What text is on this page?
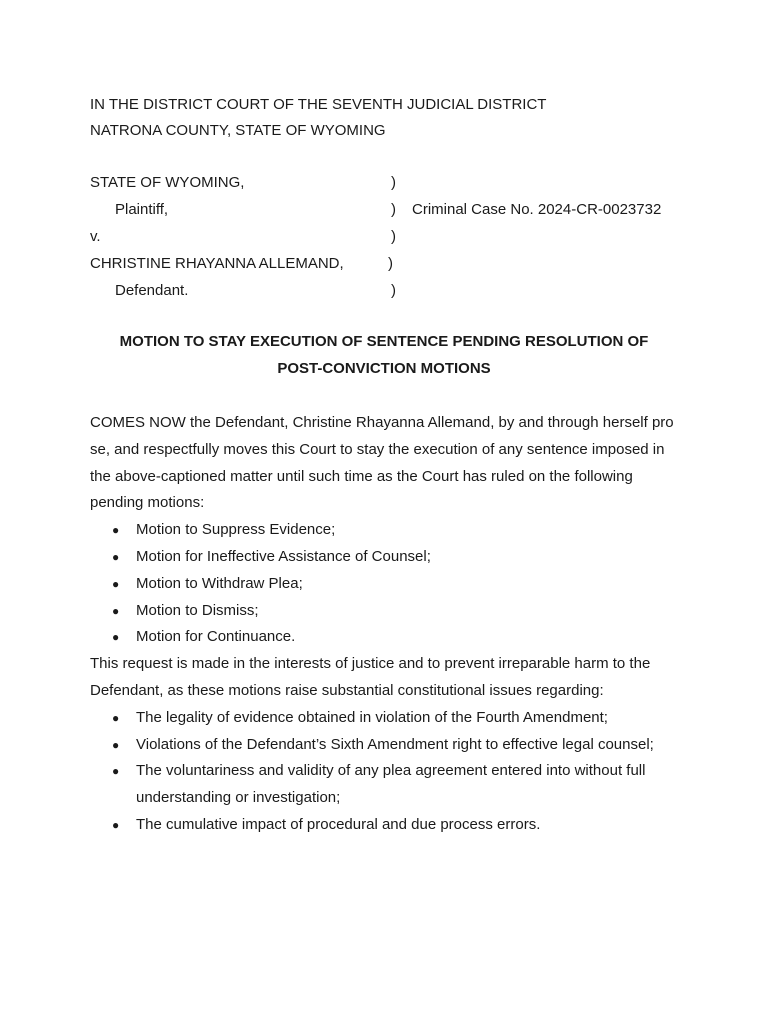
IN THE DISTRICT COURT OF THE SEVENTH JUDICIAL DISTRICT
NATRONA COUNTY, STATE OF WYOMING
STATE OF WYOMING,	)
Plaintiff,	) Criminal Case No. 2024-CR-0023732
v.	)
CHRISTINE RHAYANNA ALLEMAND,	)
Defendant.	)
MOTION TO STAY EXECUTION OF SENTENCE PENDING RESOLUTION OF
POST-CONVICTION MOTIONS

COMES NOW the Defendant, Christine Rhayanna Allemand, by and through herself pro se, and respectfully moves this Court to stay the execution of any sentence imposed in the above-captioned matter until such time as the Court has ruled on the following pending motions:

● Motion to Suppress Evidence;
● Motion for Ineffective Assistance of Counsel;
● Motion to Withdraw Plea;
● Motion to Dismiss;
● Motion for Continuance.

This request is made in the interests of justice and to prevent irreparable harm to the Defendant, as these motions raise substantial constitutional issues regarding:

● The legality of evidence obtained in violation of the Fourth Amendment;
● Violations of the Defendant’s Sixth Amendment right to effective legal counsel;
● The voluntariness and validity of any plea agreement entered into without full understanding or investigation;
● The cumulative impact of procedural and due process errors.
